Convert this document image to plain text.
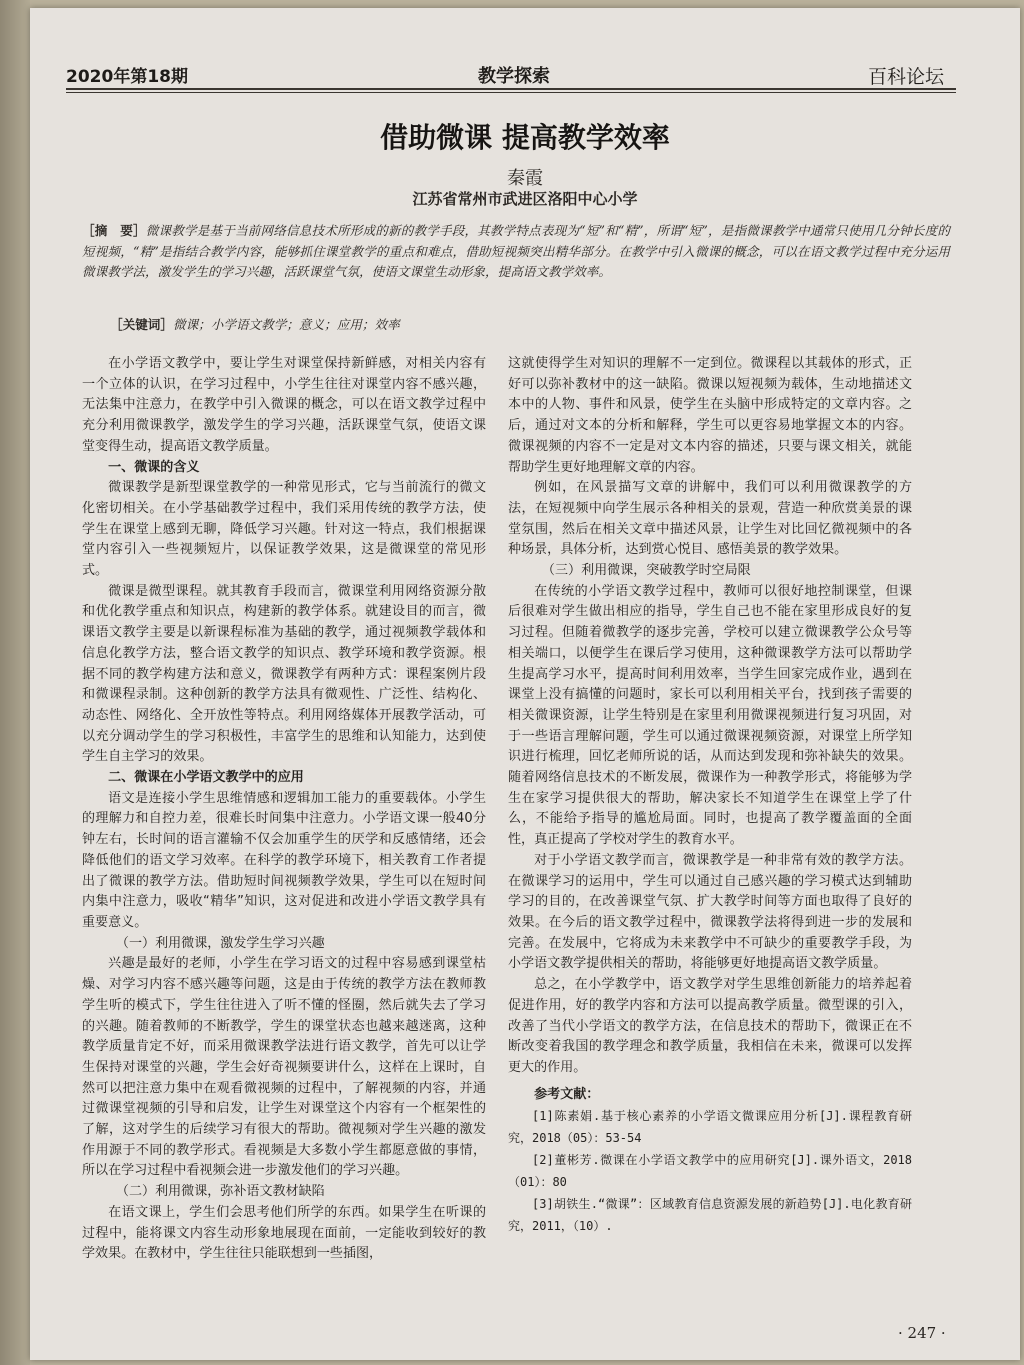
2020年第18期	教学探索	百科论坛
借助微课 提高教学效率
秦霞
江苏省常州市武进区洛阳中心小学
［摘　要］微课教学是基于当前网络信息技术所形成的新的教学手段，其教学特点表现为“短”和“精”，所谓“短”，是指微课教学中通常只使用几分钟长度的短视频，“精”是指结合教学内容，能够抓住课堂教学的重点和难点，借助短视频突出精华部分。在教学中引入微课的概念，可以在语文教学过程中充分运用微课教学法，激发学生的学习兴趣，活跃课堂气氛，使语文课堂生动形象，提高语文教学效率。
［关键词］微课；小学语文教学；意义；应用；效率

在小学语文教学中，要让学生对课堂保持新鲜感，对相关内容有一个立体的认识，在学习过程中，小学生往往对课堂内容不感兴趣，无法集中注意力，在教学中引入微课的概念，可以在语文教学过程中充分利用微课教学，激发学生的学习兴趣，活跃课堂气氛，使语文课堂变得生动，提高语文教学质量。

一、微课的含义

微课教学是新型课堂教学的一种常见形式，它与当前流行的微文化密切相关。在小学基础教学过程中，我们采用传统的教学方法，使学生在课堂上感到无聊，降低学习兴趣。针对这一特点，我们根据课堂内容引入一些视频短片，以保证教学效果，这是微课堂的常见形式。

微课是微型课程。就其教育手段而言，微课堂利用网络资源分散和优化教学重点和知识点，构建新的教学体系。就建设目的而言，微课语文教学主要是以新课程标准为基础的教学，通过视频教学载体和信息化教学方法，整合语文教学的知识点、教学环境和教学资源。根据不同的教学构建方法和意义，微课教学有两种方式：课程案例片段和微课程录制。这种创新的教学方法具有微观性、广泛性、结构化、动态性、网络化、全开放性等特点。利用网络媒体开展教学活动，可以充分调动学生的学习积极性，丰富学生的思维和认知能力，达到使学生自主学习的效果。

二、微课在小学语文教学中的应用

语文是连接小学生思维情感和逻辑加工能力的重要载体。小学生的理解力和自控力差，很难长时间集中注意力。小学语文课一般40分钟左右，长时间的语言灌输不仅会加重学生的厌学和反感情绪，还会降低他们的语文学习效率。在科学的教学环境下，相关教育工作者提出了微课的教学方法。借助短时间视频教学效果，学生可以在短时间内集中注意力，吸收“精华”知识，这对促进和改进小学语文教学具有重要意义。

（一）利用微课，激发学生学习兴趣

兴趣是最好的老师，小学生在学习语文的过程中容易感到课堂枯燥、对学习内容不感兴趣等问题，这是由于传统的教学方法在教师教学生听的模式下，学生往往进入了听不懂的怪圈，然后就失去了学习的兴趣。随着教师的不断教学，学生的课堂状态也越来越迷离，这种教学质量肯定不好，而采用微课教学法进行语文教学，首先可以让学生保持对课堂的兴趣，学生会好奇视频要讲什么，这样在上课时，自然可以把注意力集中在观看微视频的过程中，了解视频的内容，并通过微课堂视频的引导和启发，让学生对课堂这个内容有一个框架性的了解，这对学生的后续学习有很大的帮助。微视频对学生兴趣的激发作用源于不同的教学形式。看视频是大多数小学生都愿意做的事情，所以在学习过程中看视频会进一步激发他们的学习兴趣。

（二）利用微课，弥补语文教材缺陷

在语文课上，学生们会思考他们所学的东西。如果学生在听课的过程中，能将课文内容生动形象地展现在面前，一定能收到较好的教学效果。在教材中，学生往往只能联想到一些插图，

这就使得学生对知识的理解不一定到位。微课程以其载体的形式，正好可以弥补教材中的这一缺陷。微课以短视频为载体，生动地描述文本中的人物、事件和风景，使学生在头脑中形成特定的文章内容。之后，通过对文本的分析和解释，学生可以更容易地掌握文本的内容。微课视频的内容不一定是对文本内容的描述，只要与课文相关，就能帮助学生更好地理解文章的内容。

例如，在风景描写文章的讲解中，我们可以利用微课教学的方法，在短视频中向学生展示各种相关的景观，营造一种欣赏美景的课堂氛围，然后在相关文章中描述风景，让学生对比回忆微视频中的各种场景，具体分析，达到赏心悦目、感悟美景的教学效果。

（三）利用微课，突破教学时空局限

在传统的小学语文教学过程中，教师可以很好地控制课堂，但课后很难对学生做出相应的指导，学生自己也不能在家里形成良好的复习过程。但随着微教学的逐步完善，学校可以建立微课教学公众号等相关端口，以便学生在课后学习使用，这种微课教学方法可以帮助学生提高学习水平，提高时间利用效率，当学生回家完成作业，遇到在课堂上没有搞懂的问题时，家长可以利用相关平台，找到孩子需要的相关微课资源，让学生特别是在家里利用微课视频进行复习巩固，对于一些语言理解问题，学生可以通过微课视频资源，对课堂上所学知识进行梳理，回忆老师所说的话，从而达到发现和弥补缺失的效果。随着网络信息技术的不断发展，微课作为一种教学形式，将能够为学生在家学习提供很大的帮助，解决家长不知道学生在课堂上学了什么，不能给予指导的尴尬局面。同时，也提高了教学覆盖面的全面性，真正提高了学校对学生的教育水平。

对于小学语文教学而言，微课教学是一种非常有效的教学方法。在微课学习的运用中，学生可以通过自己感兴趣的学习模式达到辅助学习的目的，在改善课堂气氛、扩大教学时间等方面也取得了良好的效果。在今后的语文教学过程中，微课教学法将得到进一步的发展和完善。在发展中，它将成为未来教学中不可缺少的重要教学手段，为小学语文教学提供相关的帮助，将能够更好地提高语文教学质量。

总之，在小学教学中，语文教学对学生思维创新能力的培养起着促进作用，好的教学内容和方法可以提高教学质量。微型课的引入，改善了当代小学语文的教学方法，在信息技术的帮助下，微课正在不断改变着我国的教学理念和教学质量，我相信在未来，微课可以发挥更大的作用。

参考文献：

[1]陈素娟.基于核心素养的小学语文微课应用分析[J].课程教育研究，2018（05）：53-54

[2]董彬芳.微课在小学语文教学中的应用研究[J].课外语文，2018（01）：80

[3]胡铁生.“微课”：区域教育信息资源发展的新趋势[J].电化教育研究，2011，（10）.

· 247 ·
